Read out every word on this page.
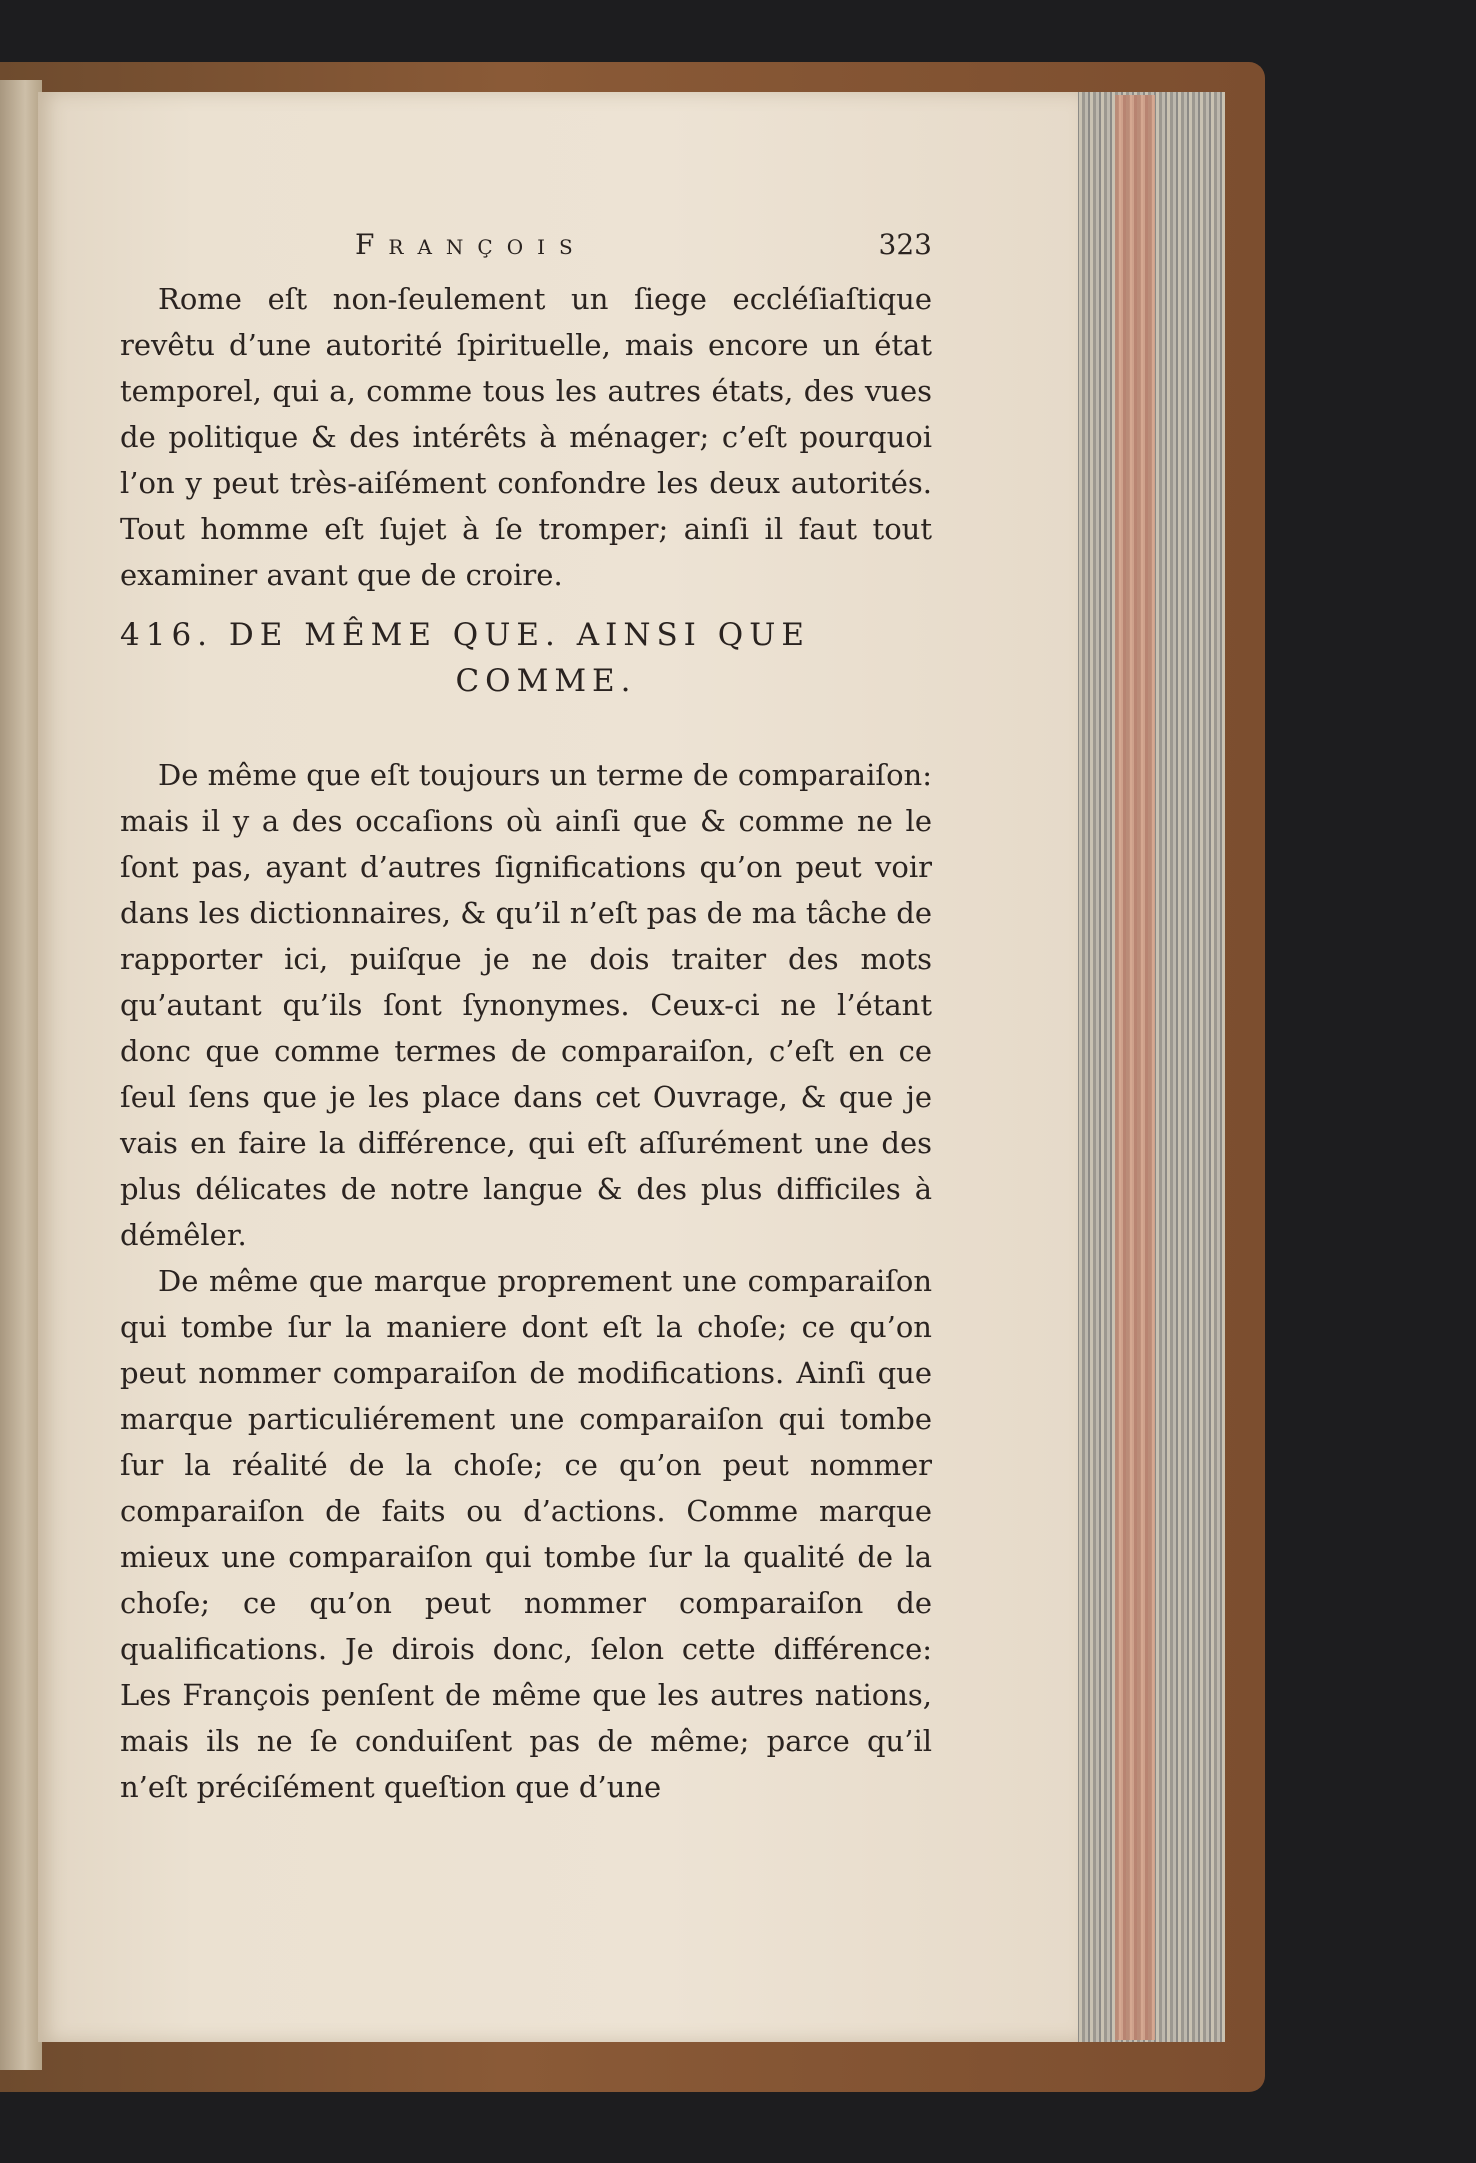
François	323

Rome eſt non-ſeulement un ſiege eccléſiaſtique revêtu d’une autorité ſpirituelle, mais encore un état temporel, qui a, comme tous les autres états, des vues de politique & des intérêts à ménager; c’eſt pourquoi l’on y peut très-aiſément confondre les deux autorités. Tout homme eſt ſujet à ſe tromper; ainſi il faut tout examiner avant que de croire.

416. DE MÊME QUE. AINSI QUE
COMME.

De même que eſt toujours un terme de comparaiſon: mais il y a des occaſions où ainſi que & comme ne le ſont pas, ayant d’autres ſignifications qu’on peut voir dans les dictionnaires, & qu’il n’eſt pas de ma tâche de rapporter ici, puiſque je ne dois traiter des mots qu’autant qu’ils ſont ſynonymes. Ceux-ci ne l’étant donc que comme termes de comparaiſon, c’eſt en ce ſeul ſens que je les place dans cet Ouvrage, & que je vais en faire la différence, qui eſt aſſurément une des plus délicates de notre langue & des plus difficiles à démêler.

De même que marque proprement une comparaiſon qui tombe ſur la maniere dont eſt la choſe; ce qu’on peut nommer comparaiſon de modifications. Ainſi que marque particuliérement une comparaiſon qui tombe ſur la réalité de la choſe; ce qu’on peut nommer comparaiſon de faits ou d’actions. Comme marque mieux une comparaiſon qui tombe ſur la qualité de la choſe; ce qu’on peut nommer comparaiſon de qualifications. Je dirois donc, ſelon cette différence: Les François penſent de même que les autres nations, mais ils ne ſe conduiſent pas de même; parce qu’il n’eſt préciſément queſtion que d’une
